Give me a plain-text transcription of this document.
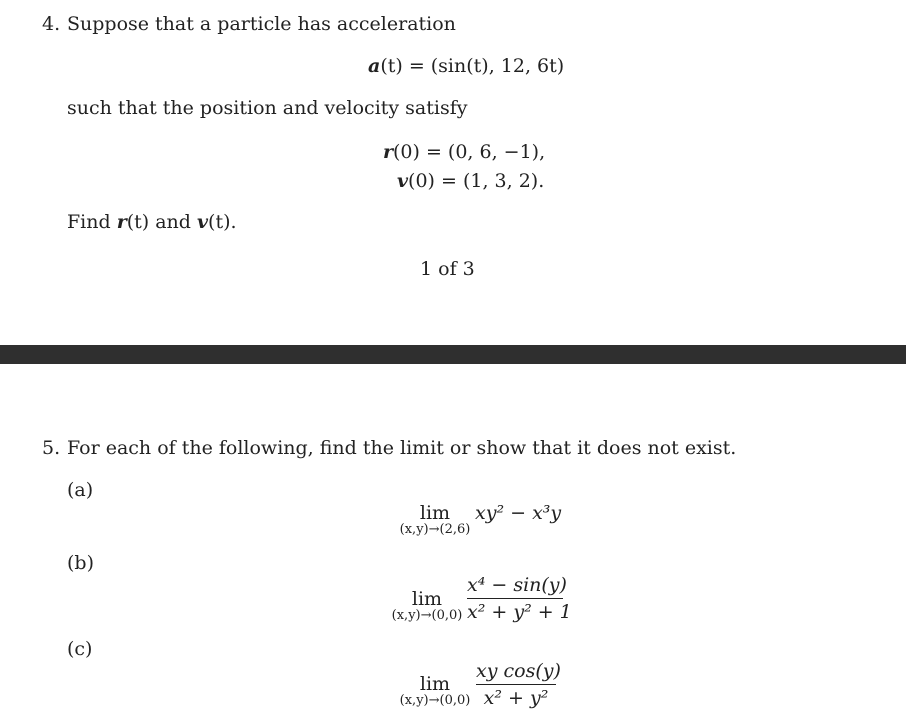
4. Suppose that a particle has acceleration
a(t) = (sin(t), 12, 6t)
such that the position and velocity satisfy
r(0) = (0, 6, −1),
v(0) = (1, 3, 2).
Find r(t) and v(t).
1 of 3
5. For each of the following, find the limit or show that it does not exist.
(a)
lim
(x,y)→(2,6)
xy² − x³y
(b)
lim
(x,y)→(0,0)
x⁴ − sin(y)
x² + y² + 1
(c)
lim
(x,y)→(0,0)
xy cos(y)
x² + y²
